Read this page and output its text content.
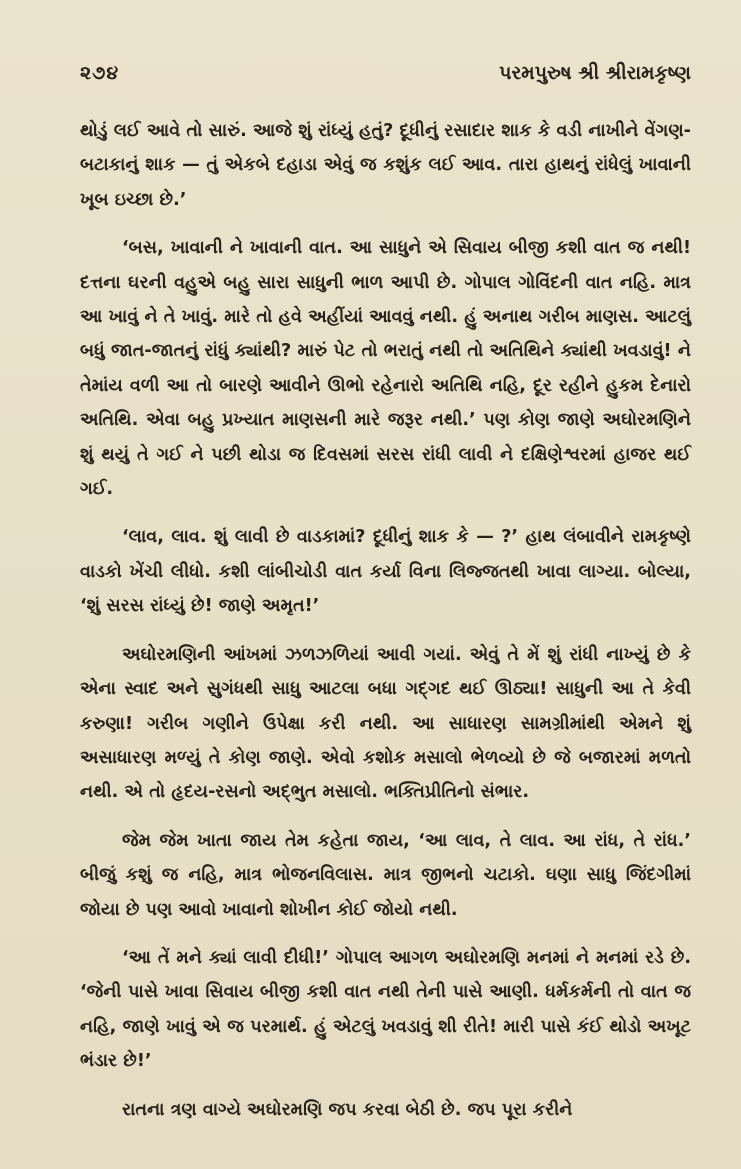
૨૭૪	પરમપુરુષ શ્રી શ્રીરામકૃષ્ણ

થોડું લઈ આવે તો સારું. આજે શું રાંધ્યું હતું? દૂધીનું રસાદાર શાક કે વડી નાખીને વેંગણ-બટાકાનું શાક — તું એકબે દહાડા એવું જ કશુંક લઈ આવ. તારા હાથનું રાંધેલું ખાવાની ખૂબ ઇચ્છા છે.’

‘બસ, ખાવાની ને ખાવાની વાત. આ સાધુને એ સિવાય બીજી કશી વાત જ નથી! દત્તના ઘરની વહુએ બહુ સારા સાધુની ભાળ આપી છે. ગોપાલ ગોવિંદની વાત નહિ. માત્ર આ ખાવું ને તે ખાવું. મારે તો હવે અહીંયાં આવવું નથી. હું અનાથ ગરીબ માણસ. આટલું બધું જાત-જાતનું રાંધું ક્યાંથી? મારું પેટ તો ભરાતું નથી તો અતિથિને ક્યાંથી ખવડાવું! ને તેમાંય વળી આ તો બારણે આવીને ઊભો રહેનારો અતિથિ નહિ, દૂર રહીને હુકમ દેનારો અતિથિ. એવા બહુ પ્રખ્યાત માણસની મારે જરૂર નથી.’ પણ કોણ જાણે અઘોરમણિને શું થયું તે ગઈ ને પછી થોડા જ દિવસમાં સરસ રાંધી લાવી ને દક્ષિણેશ્વરમાં હાજર થઈ ગઈ.

‘લાવ, લાવ. શું લાવી છે વાડકામાં? દૂધીનું શાક કે — ?’ હાથ લંબાવીને રામકૃષ્ણે વાડકો ખેંચી લીધો. કશી લાંબીચોડી વાત કર્યા વિના લિજ્જતથી ખાવા લાગ્યા. બોલ્યા, ‘શું સરસ રાંધ્યું છે! જાણે અમૃત!’

અઘોરમણિની આંખમાં ઝળઝળિયાં આવી ગયાં. એવું તે મેં શું રાંધી નાખ્યું છે કે એના સ્વાદ અને સુગંધથી સાધુ આટલા બધા ગદ્‌ગદ થઈ ઊઠ્યા! સાધુની આ તે કેવી કરુણા! ગરીબ ગણીને ઉપેક્ષા કરી નથી. આ સાધારણ સામગ્રીમાંથી એમને શું અસાધારણ મળ્યું તે કોણ જાણે. એવો કશોક મસાલો ભેળવ્યો છે જે બજારમાં મળતો નથી. એ તો હૃદય-રસનો અદ્‌ભુત મસાલો. ભક્તિપ્રીતિનો સંભાર.

જેમ જેમ ખાતા જાય તેમ કહેતા જાય, ‘આ લાવ, તે લાવ. આ રાંધ, તે રાંધ.’ બીજું કશું જ નહિ, માત્ર ભોજનવિલાસ. માત્ર જીભનો ચટાકો. ઘણા સાધુ જિંદગીમાં જોયા છે પણ આવો ખાવાનો શોખીન કોઈ જોયો નથી.

‘આ તેં મને ક્યાં લાવી દીધી!’ ગોપાલ આગળ અઘોરમણિ મનમાં ને મનમાં રડે છે. ‘જેની પાસે ખાવા સિવાય બીજી કશી વાત નથી તેની પાસે આણી. ધર્મકર્મની તો વાત જ નહિ, જાણે ખાવું એ જ પરમાર્થ. હું એટલું ખવડાવું શી રીતે! મારી પાસે કંઈ થોડો અખૂટ ભંડાર છે!’

રાતના ત્રણ વાગ્યે અઘોરમણિ જપ કરવા બેઠી છે. જપ પૂરા કરીને
